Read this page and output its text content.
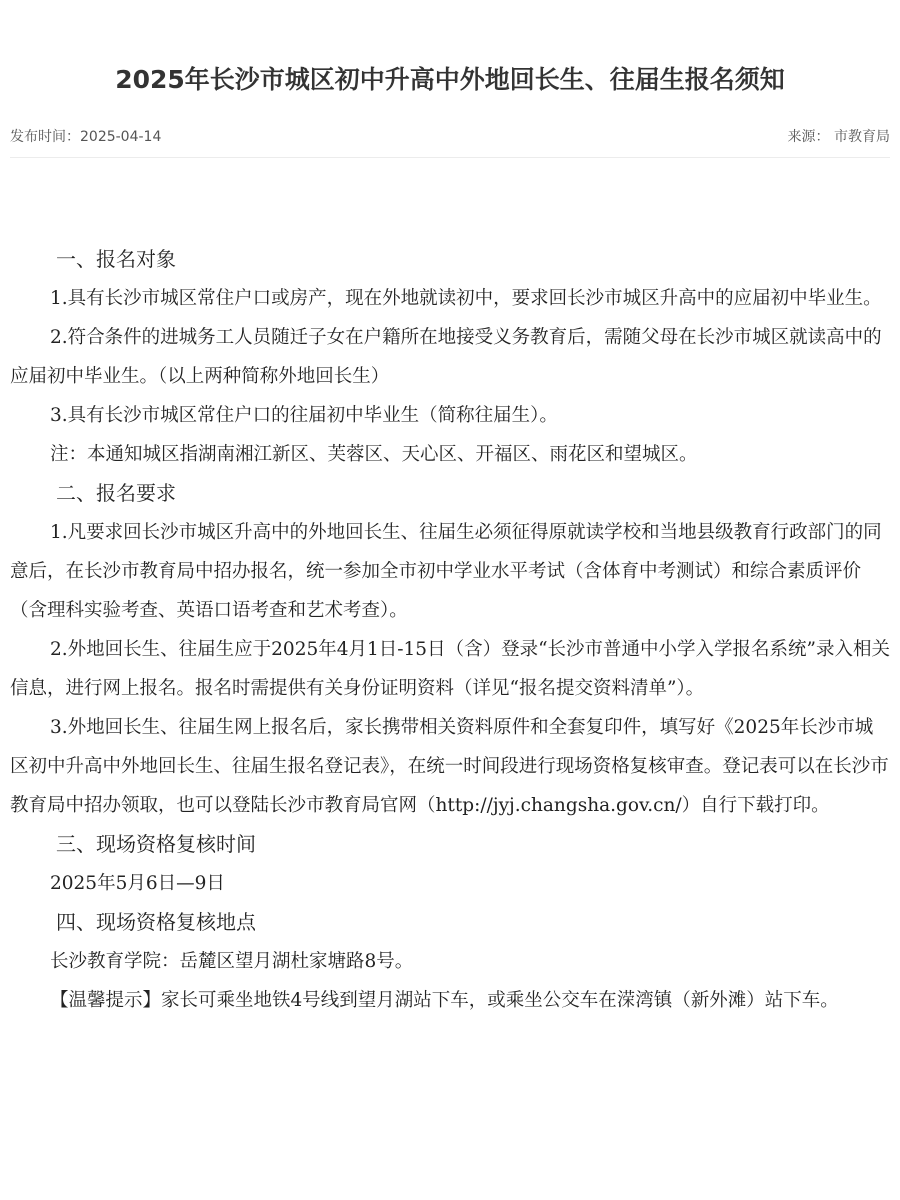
2025年长沙市城区初中升高中外地回长生、往届生报名须知
发布时间：2025-04-14	来源： 市教育局
一、报名对象

1.具有长沙市城区常住户口或房产，现在外地就读初中，要求回长沙市城区升高中的应届初中毕业生。

2.符合条件的进城务工人员随迁子女在户籍所在地接受义务教育后，需随父母在长沙市城区就读高中的应届初中毕业生。（以上两种简称外地回长生）

3.具有长沙市城区常住户口的往届初中毕业生（简称往届生）。

注：本通知城区指湖南湘江新区、芙蓉区、天心区、开福区、雨花区和望城区。

二、报名要求

1.凡要求回长沙市城区升高中的外地回长生、往届生必须征得原就读学校和当地县级教育行政部门的同意后，在长沙市教育局中招办报名，统一参加全市初中学业水平考试（含体育中考测试）和综合素质评价（含理科实验考查、英语口语考查和艺术考查）。

2.外地回长生、往届生应于2025年4月1日-15日（含）登录“长沙市普通中小学入学报名系统”录入相关信息，进行网上报名。报名时需提供有关身份证明资料（详见“报名提交资料清单”）。

3.外地回长生、往届生网上报名后，家长携带相关资料原件和全套复印件，填写好《2025年长沙市城区初中升高中外地回长生、往届生报名登记表》，在统一时间段进行现场资格复核审查。登记表可以在长沙市教育局中招办领取，也可以登陆长沙市教育局官网（http://jyj.changsha.gov.cn/）自行下载打印。

三、现场资格复核时间

2025年5月6日—9日

四、现场资格复核地点

长沙教育学院：岳麓区望月湖杜家塘路8号。

【温馨提示】家长可乘坐地铁4号线到望月湖站下车，或乘坐公交车在溁湾镇（新外滩）站下车。
